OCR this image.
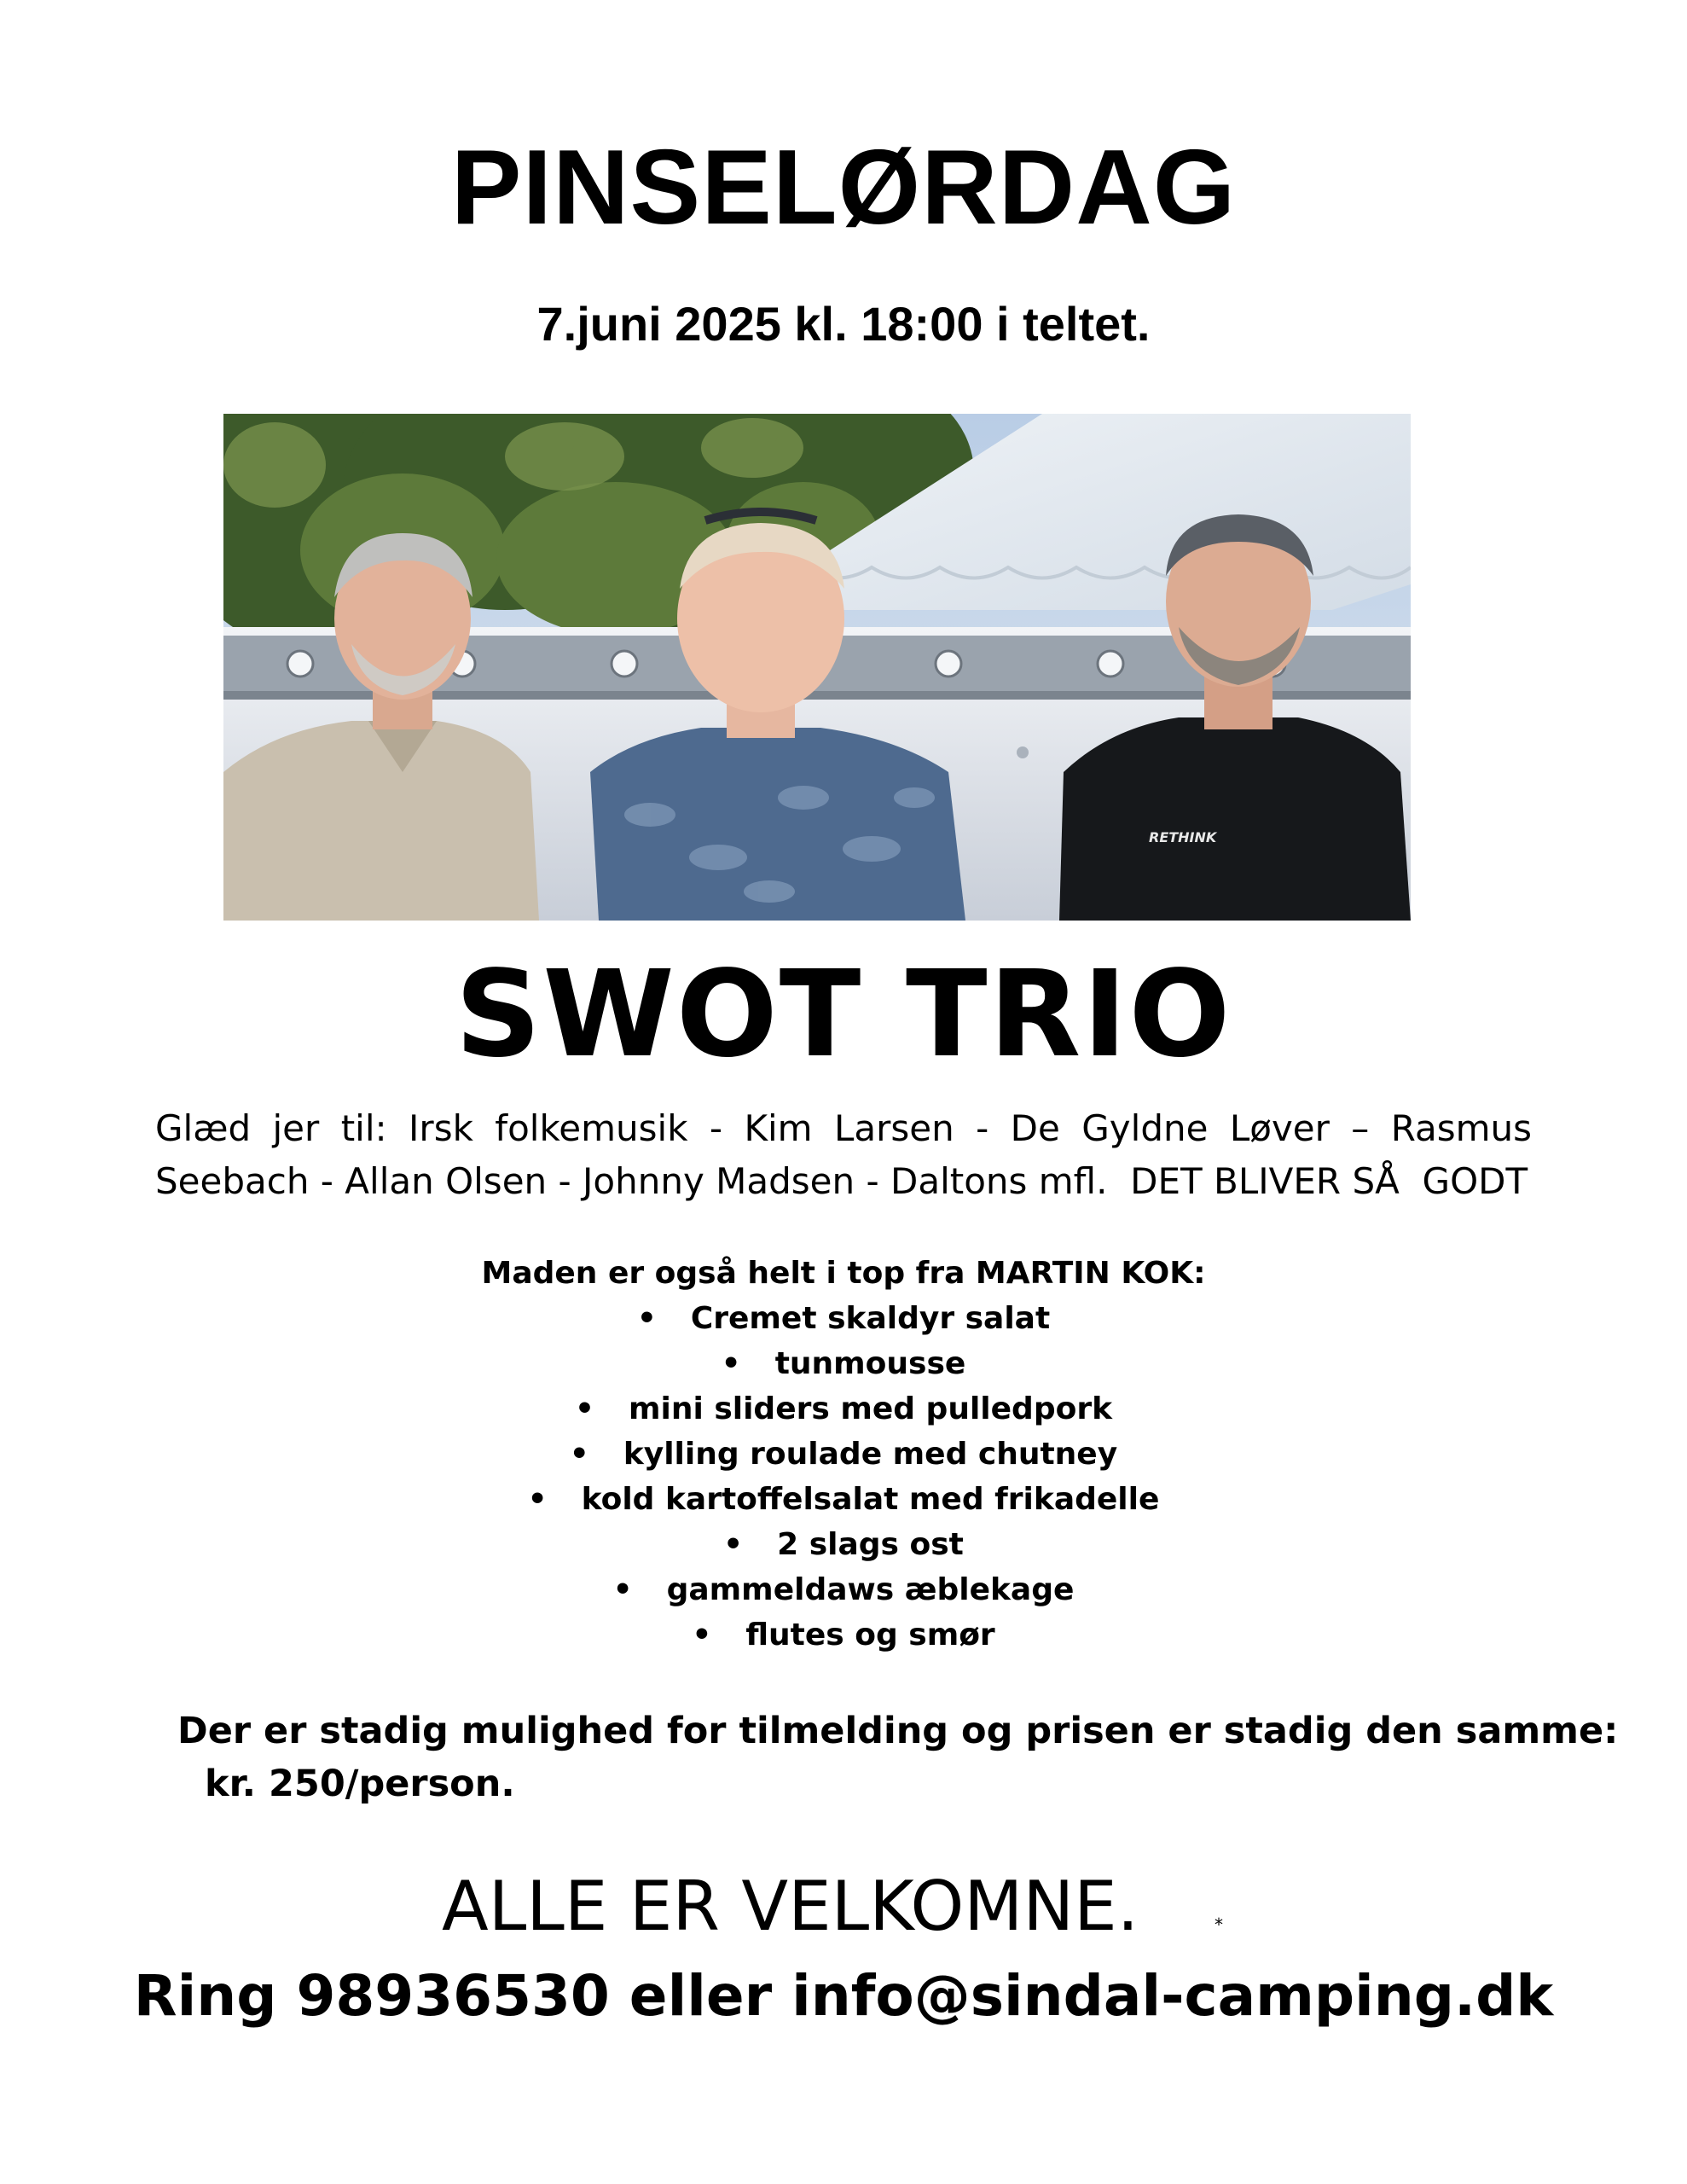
PINSELØRDAG
7.juni 2025 kl. 18:00 i teltet.
RETHINK
SWOT TRIO
Glæd jer til: Irsk folkemusik - Kim Larsen - De Gyldne Løver – Rasmus
Seebach - Allan Olsen - Johnny Madsen - Daltons mfl.  DET BLIVER SÅ  GODT
Maden er også helt i top fra MARTIN KOK:
• Cremet skaldyr salat
• tunmousse
• mini sliders med pulledpork
• kylling roulade med chutney
• kold kartoffelsalat med frikadelle
• 2 slags ost
• gammeldaws æblekage
• flutes og smør
Der er stadig mulighed for tilmelding og prisen er stadig den samme:
kr. 250/person.
ALLE ER VELKOMNE.	*
Ring 98936530 eller info@sindal-camping.dk
